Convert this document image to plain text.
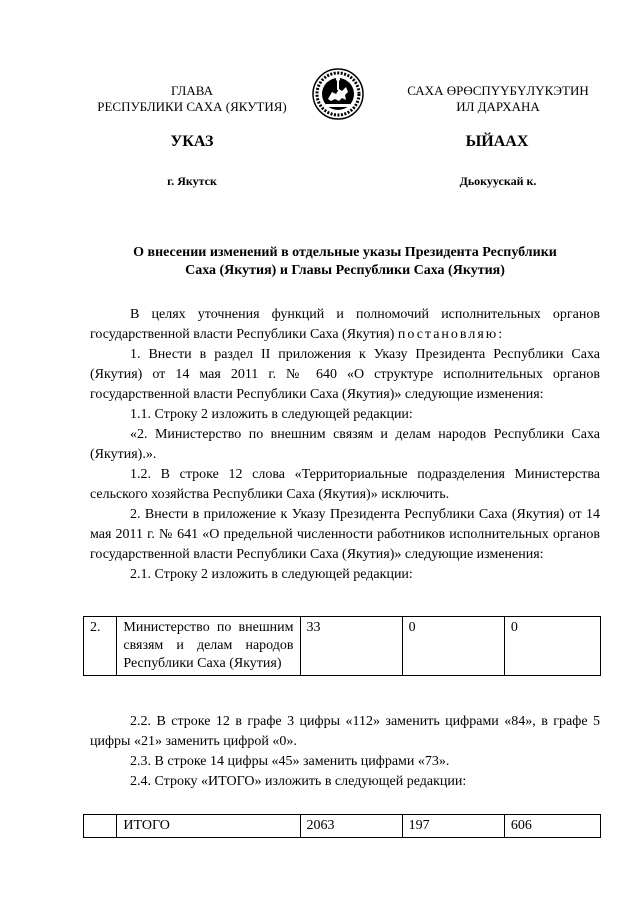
ГЛАВА
РЕСПУБЛИКИ САХА (ЯКУТИЯ)
САХА ӨРӨСПҮҮБҮЛҮКЭТИН
ИЛ ДАРХАНА
УКАЗ	ЫЙААХ
г. Якутск	Дьокуускай к.
О внесении изменений в отдельные указы Президента Республики
Саха (Якутия) и Главы Республики Саха (Якутия)

В целях уточнения функций и полномочий исполнительных органов государственной власти Республики Саха (Якутия) постановляю:

1. Внести в раздел II приложения к Указу Президента Республики Саха (Якутия) от 14 мая 2011 г. № 640 «О структуре исполнительных органов государственной власти Республики Саха (Якутия)» следующие изменения:

1.1. Строку 2 изложить в следующей редакции:

«2. Министерство по внешним связям и делам народов Республики Саха (Якутия).».

1.2. В строке 12 слова «Территориальные подразделения Министерства сельского хозяйства Республики Саха (Якутия)» исключить.

2. Внести в приложение к Указу Президента Республики Саха (Якутия) от 14 мая 2011 г. № 641 «О предельной численности работников исполнительных органов государственной власти Республики Саха (Якутия)» следующие изменения:

2.1. Строку 2 изложить в следующей редакции:

2.	Министерство по внешним связям и делам народов Республики Саха (Якутия)	33	0	0

2.2. В строке 12 в графе 3 цифры «112» заменить цифрами «84», в графе 5 цифры «21» заменить цифрой «0».

2.3. В строке 14 цифры «45» заменить цифрами «73».

2.4. Строку «ИТОГО» изложить в следующей редакции:

	ИТОГО	2063	197	606
